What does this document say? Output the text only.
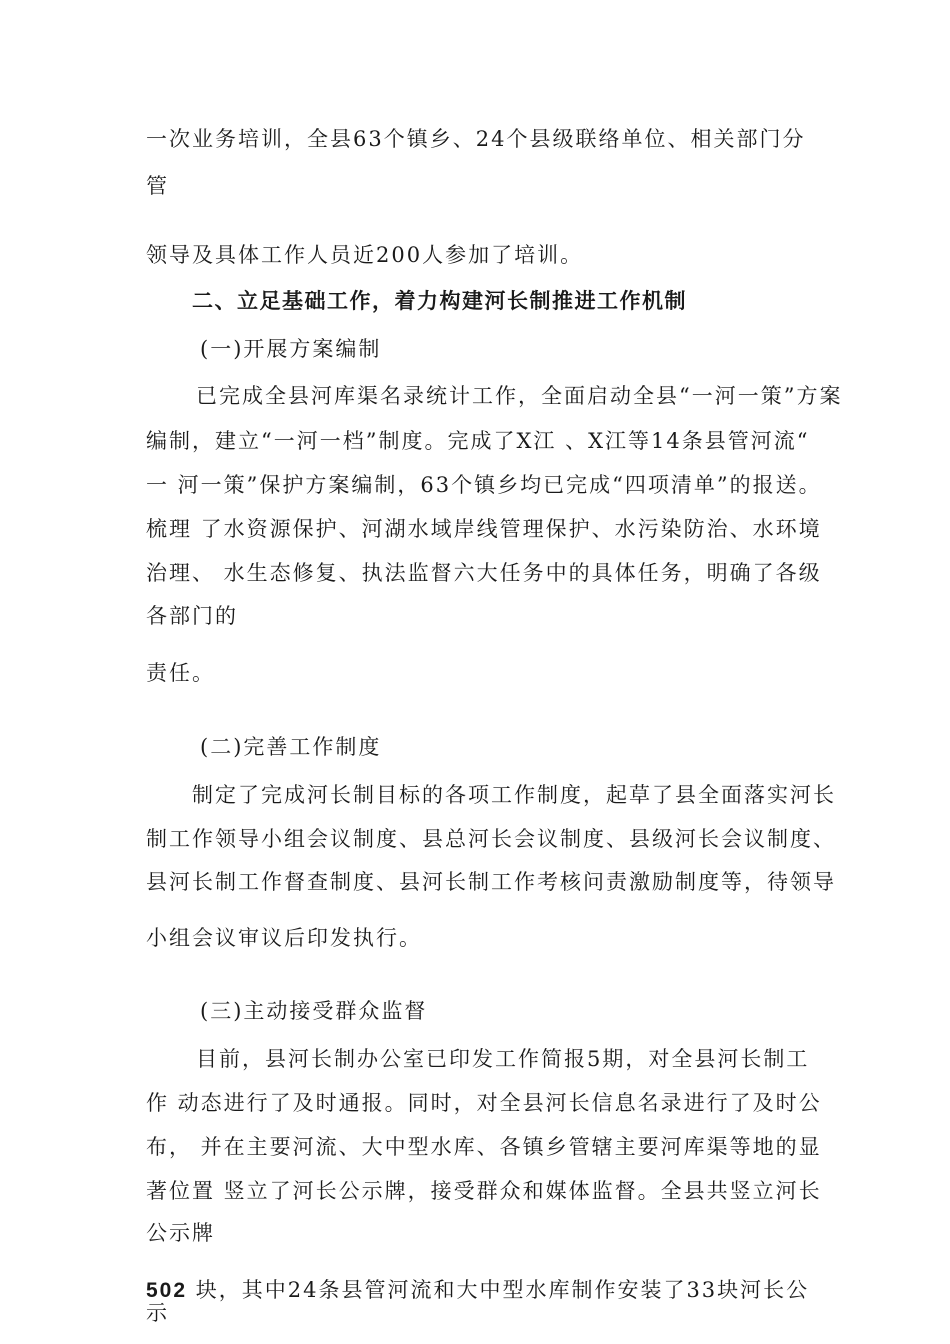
一次业务培训，全县63个镇乡、24个县级联络单位、相关部门分

管

领导及具体工作人员近200人参加了培训。

二、立足基础工作，着力构建河长制推进工作机制

(一)开展方案编制

已完成全县河库渠名录统计工作，全面启动全县“一河一策”方案

编制，建立“一河一档”制度。完成了X江 、X江等14条县管河流“

一 河一策”保护方案编制，63个镇乡均已完成“四项清单”的报送。

梳理 了水资源保护、河湖水域岸线管理保护、水污染防治、水环境

治理、 水生态修复、执法监督六大任务中的具体任务，明确了各级

各部门的

责任。

(二)完善工作制度

制定了完成河长制目标的各项工作制度，起草了县全面落实河长

制工作领导小组会议制度、县总河长会议制度、县级河长会议制度、

县河长制工作督查制度、县河长制工作考核问责激励制度等，待领导

小组会议审议后印发执行。

(三)主动接受群众监督

目前，县河长制办公室已印发工作简报5期，对全县河长制工

作 动态进行了及时通报。同时，对全县河长信息名录进行了及时公

布， 并在主要河流、大中型水库、各镇乡管辖主要河库渠等地的显

著位置 竖立了河长公示牌，接受群众和媒体监督。全县共竖立河长

公示牌

502 块，其中24条县管河流和大中型水库制作安装了33块河长公

示
